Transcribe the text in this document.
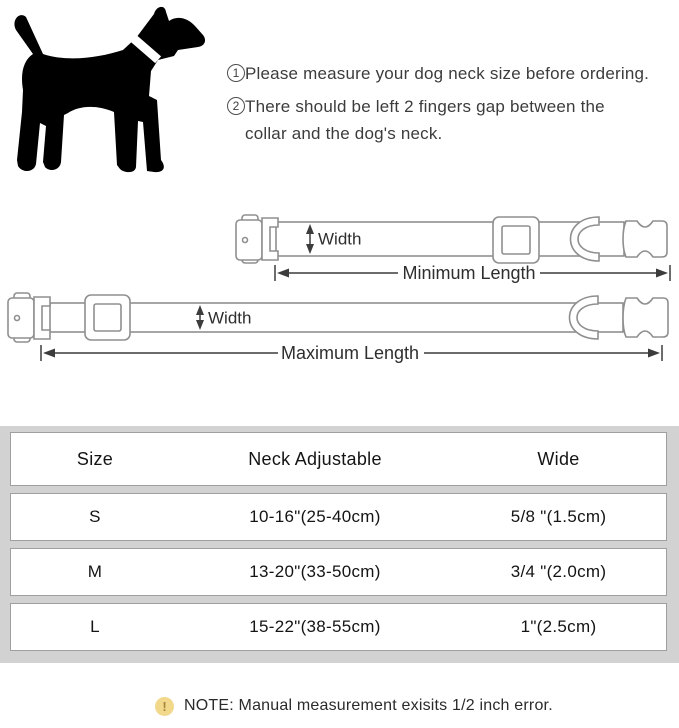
1 Please measure your dog neck size before ordering.
2 There should be left 2 fingers gap between the
collar and the dog's neck.
Width
Minimum Length
Width
Maximum Length
Size	Neck Adjustable	Wide
S	10-16"(25-40cm)	5/8 "(1.5cm)
M	13-20"(33-50cm)	3/4 "(2.0cm)
L	15-22"(38-55cm)	1"(2.5cm)
!	NOTE: Manual measurement exisits 1/2 inch error.
